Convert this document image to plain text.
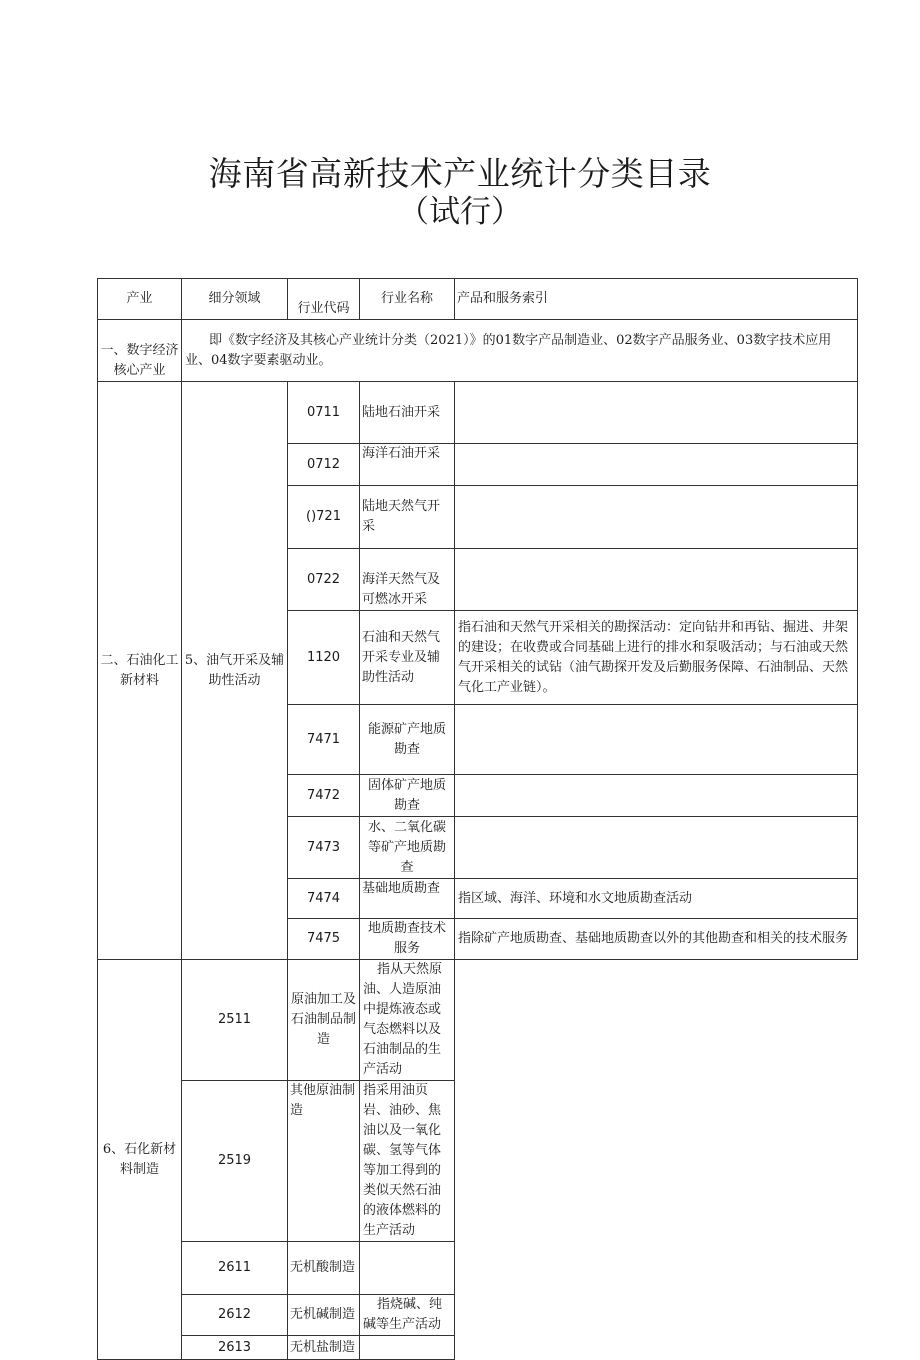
海南省高新技术产业统计分类目录
（试行）
产业	细分领域	行业代码	行业名称	产品和服务索引
一、数字经济核心产业	即《数字经济及其核心产业统计分类（2021）》的01数字产品制造业、02数字产品服务业、03数字技术应用业、04数字要素驱动业。			
二、石油化工新材料	5、油气开采及辅助性活动	0711	陆地石油开采	
		0712	海洋石油开采	
		()721	陆地天然气开采	
		0722	海洋天然气及可燃冰开采	
		1120	石油和天然气开采专业及辅助性活动	指石油和天然气开采相关的勘探活动：定向钻井和再钻、掘进、井架的建设；在收费或合同基础上进行的排水和泵吸活动；与石油或天然气开采相关的试钻（油气勘探开发及后勤服务保障、石油制品、天然气化工产业链）。
		7471	能源矿产地质勘查	
		7472	固体矿产地质勘查	
		7473	水、二氧化碳等矿产地质勘查	
		7474	基础地质勘查	指区域、海洋、环境和水文地质勘查活动
		7475	地质勘查技术服务	指除矿产地质勘查、基础地质勘查以外的其他勘查和相关的技术服务
6、石化新材料制造	2511	原油加工及石油制品制造	指从天然原油、人造原油中提炼液态或气态燃料以及石油制品的生产活动	
	2519	其他原油制造	指采用油页岩、油砂、焦油以及一氧化碳、氢等气体等加工得到的类似天然石油的液体燃料的生产活动	
	2611	无机酸制造		
	2612	无机碱制造	指烧碱、纯碱等生产活动	
	2613	无机盐制造		
